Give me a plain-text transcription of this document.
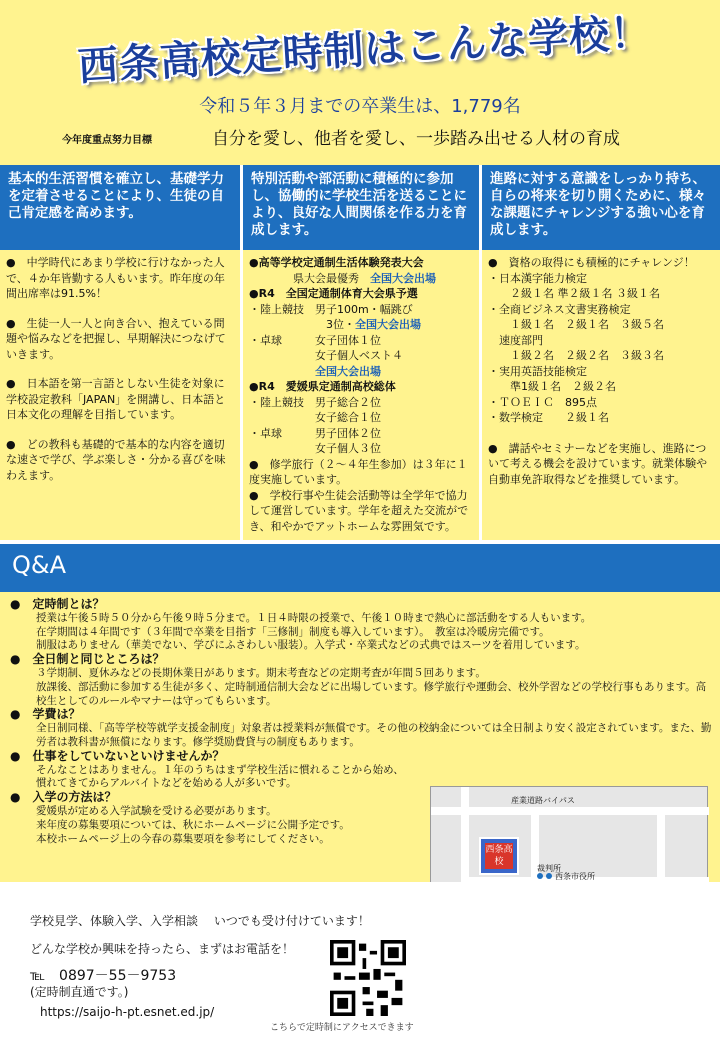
西条高校定時制はこんな学校！
令和５年３月までの卒業生は、1,779名
今年度重点努力目標	自分を愛し、他者を愛し、一歩踏み出せる人材の育成
基本的生活習慣を確立し、基礎学力を定着させることにより、生徒の自己肯定感を高めます。

●　中学時代にあまり学校に行けなかった人で、４か年皆勤する人もいます。昨年度の年間出席率は91.5%！

●　生徒一人一人と向き合い、抱えている問題や悩みなどを把握し、早期解決につなげていきます。

●　日本語を第一言語としない生徒を対象に学校設定教科「JAPAN」を開講し、日本語と日本文化の理解を目指しています。

●　どの教科も基礎的で基本的な内容を適切な速さで学び、学ぶ楽しさ・分かる喜びを味わえます。

特別活動や部活動に積極的に参加し、協働的に学校生活を送ることにより、良好な人間関係を作る力を育成します。
●高等学校定通制生活体験発表大会
　　　　県大会最優秀　全国大会出場
●R4　全国定通制体育大会県予選
・陸上競技　男子100m・幅跳び
　　　　　　　3位・全国大会出場
・卓球　　　女子団体１位
　　　　　　女子個人ベスト４
　　　　　　全国大会出場
●R4　愛媛県定通制高校総体
・陸上競技　男子総合２位
　　　　　　女子総合１位
・卓球　　　男子団体２位
　　　　　　女子個人３位
●　修学旅行（２～４年生参加）は３年に１度実施しています。
●　学校行事や生徒会活動等は全学年で協力して運営しています。学年を超えた交流ができ、和やかでアットホームな雰囲気です。
進路に対する意識をしっかり持ち、自らの将来を切り開くために、様々な課題にチャレンジする強い心を育成します。
●　資格の取得にも積極的にチャレンジ！
・日本漢字能力検定
　　２級１名 準２級１名 ３級１名
・全商ビジネス文書実務検定
　　１級１名　２級１名　３級５名
　速度部門
　　１級２名　２級２名　３級３名
・実用英語技能検定
　　準1級１名　２級２名
・ＴＯＥＩＣ　895点
・数学検定　　２級１名
●　講話やセミナーなどを実施し、進路について考える機会を設けています。就業体験や自動車免許取得などを推奨しています。
Q&A
●　定時制とは？
授業は午後５時５０分から午後９時５分まで。１日４時限の授業で、午後１０時まで熱心に部活動をする人もいます。
在学期間は４年間です（３年間で卒業を目指す「三修制」制度も導入しています）。　教室は冷暖房完備です。
制服はありません（華美でない、学びにふさわしい服装）。入学式・卒業式などの式典ではスーツを着用しています。
●　全日制と同じところは？
３学期制、夏休みなどの長期休業日があります。期末考査などの定期考査が年間５回あります。
放課後、部活動に参加する生徒が多く、定時制通信制大会などに出場しています。修学旅行や運動会、校外学習などの学校行事もあります。高校生としてのルールやマナーは守ってもらいます。
●　学費は？
全日制同様、「高等学校等就学支援金制度」対象者は授業料が無償です。その他の校納金については全日制より安く設定されています。また、勤労者は教科書が無償になります。修学奨励費貸与の制度もあります。
●　仕事をしていないといけませんか？
そんなことはありません。１年のうちはまず学校生活に慣れることから始め、慣れてきてからアルバイトなどを始める人が多いです。
●　入学の方法は？
愛媛県が定める入学試験を受ける必要があります。
来年度の募集要項については、秋にホームページに公開予定です。
本校ホームページ上の今春の募集要項を参考にしてください。
産業道路バイパス
西条高校
裁判所
西条市役所
学校見学、体験入学、入学相談　 いつでも受け付けています！
どんな学校か興味を持ったら、まずはお電話を！
℡　0897－55－9753
(定時制直通です。)
https://saijo-h-pt.esnet.ed.jp/
こちらで定時制にアクセスできます
